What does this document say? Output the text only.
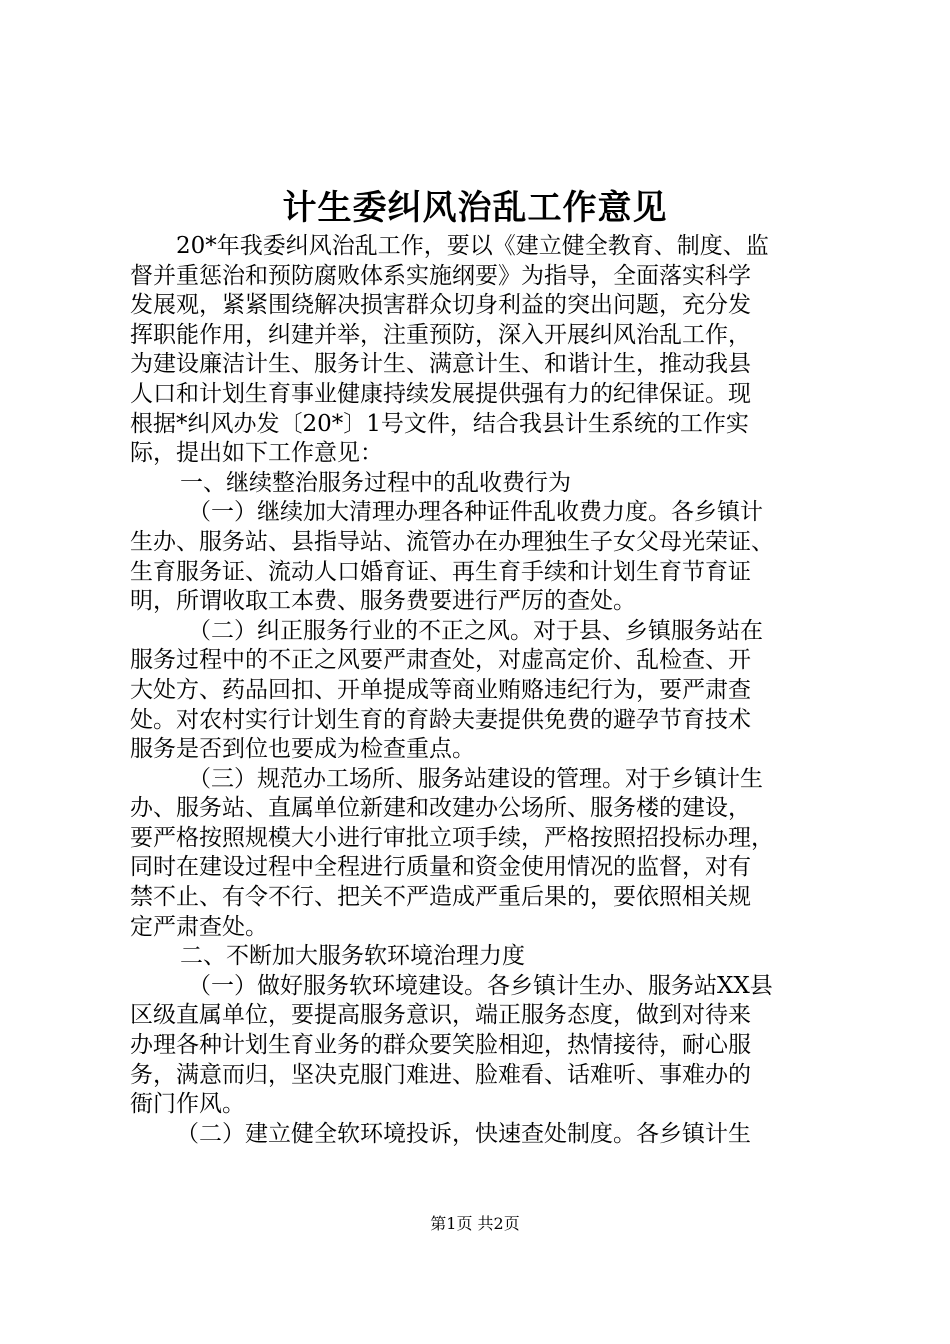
计生委纠风治乱工作意见
20*年我委纠风治乱工作，要以《建立健全教育、制度、监
督并重惩治和预防腐败体系实施纲要》为指导，全面落实科学
发展观，紧紧围绕解决损害群众切身利益的突出问题，充分发
挥职能作用，纠建并举，注重预防，深入开展纠风治乱工作，
为建设廉洁计生、服务计生、满意计生、和谐计生，推动我县
人口和计划生育事业健康持续发展提供强有力的纪律保证。现
根据*纠风办发〔20*〕1号文件，结合我县计生系统的工作实
际，提出如下工作意见：
一、继续整治服务过程中的乱收费行为
（一）继续加大清理办理各种证件乱收费力度。各乡镇计
生办、服务站、县指导站、流管办在办理独生子女父母光荣证、
生育服务证、流动人口婚育证、再生育手续和计划生育节育证
明，所谓收取工本费、服务费要进行严厉的查处。
（二）纠正服务行业的不正之风。对于县、乡镇服务站在
服务过程中的不正之风要严肃查处，对虚高定价、乱检查、开
大处方、药品回扣、开单提成等商业贿赂违纪行为，要严肃查
处。对农村实行计划生育的育龄夫妻提供免费的避孕节育技术
服务是否到位也要成为检查重点。
（三）规范办工场所、服务站建设的管理。对于乡镇计生
办、服务站、直属单位新建和改建办公场所、服务楼的建设，
要严格按照规模大小进行审批立项手续，严格按照招投标办理，
同时在建设过程中全程进行质量和资金使用情况的监督，对有
禁不止、有令不行、把关不严造成严重后果的，要依照相关规
定严肃查处。
二、不断加大服务软环境治理力度
（一）做好服务软环境建设。各乡镇计生办、服务站XX县
区级直属单位，要提高服务意识，端正服务态度，做到对待来
办理各种计划生育业务的群众要笑脸相迎，热情接待，耐心服
务，满意而归，坚决克服门难进、脸难看、话难听、事难办的
衙门作风。
（二）建立健全软环境投诉，快速查处制度。各乡镇计生
第1页 共2页
